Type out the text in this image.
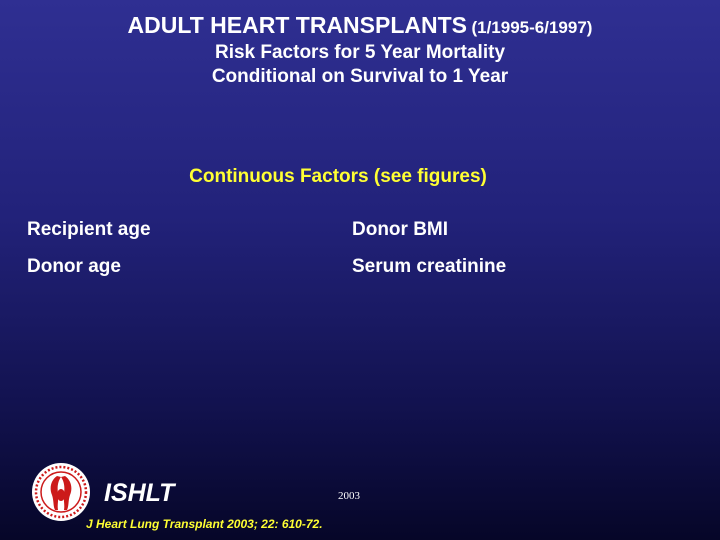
ADULT HEART TRANSPLANTS (1/1995-6/1997)
Risk Factors for 5 Year Mortality
Conditional on Survival to 1 Year
Continuous Factors (see figures)
Recipient age
Donor age
Donor BMI
Serum creatinine
ISHLT	2003
J Heart Lung Transplant 2003; 22: 610-72.
